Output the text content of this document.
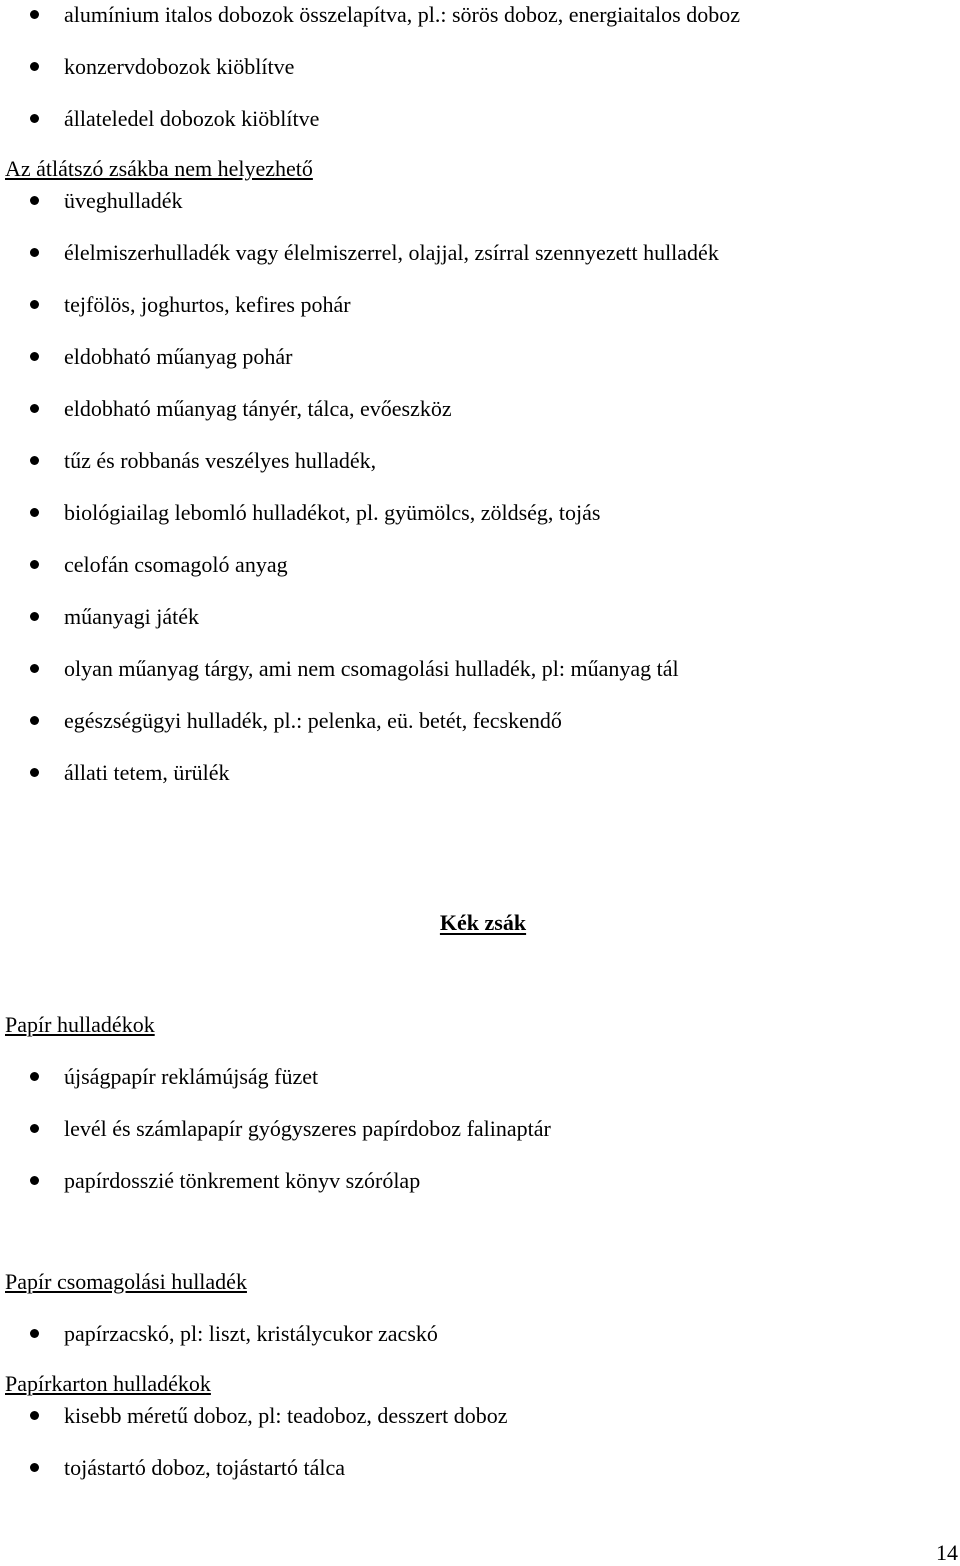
alumínium italos dobozok összelapítva, pl.: sörös doboz, energiaitalos doboz
konzervdobozok kiöblítve
állateledel dobozok kiöblítve
Az átlátszó zsákba nem helyezhető
üveghulladék
élelmiszerhulladék vagy élelmiszerrel, olajjal, zsírral szennyezett hulladék
tejfölös, joghurtos, kefires pohár
eldobható műanyag pohár
eldobható műanyag tányér, tálca, evőeszköz
tűz és robbanás veszélyes hulladék,
biológiailag lebomló hulladékot, pl. gyümölcs, zöldség, tojás
celofán csomagoló anyag
műanyagi játék
olyan műanyag tárgy, ami nem csomagolási hulladék, pl: műanyag tál
egészségügyi hulladék, pl.: pelenka, eü. betét, fecskendő
állati tetem, ürülék
Kék zsák
Papír hulladékok
újságpapír reklámújság füzet
levél és számlapapír gyógyszeres papírdoboz falinaptár
papírdosszié tönkrement könyv szórólap
Papír csomagolási hulladék
papírzacskó, pl: liszt, kristálycukor zacskó
Papírkarton hulladékok
kisebb méretű doboz, pl: teadoboz, desszert doboz
tojástartó doboz, tojástartó tálca
14
